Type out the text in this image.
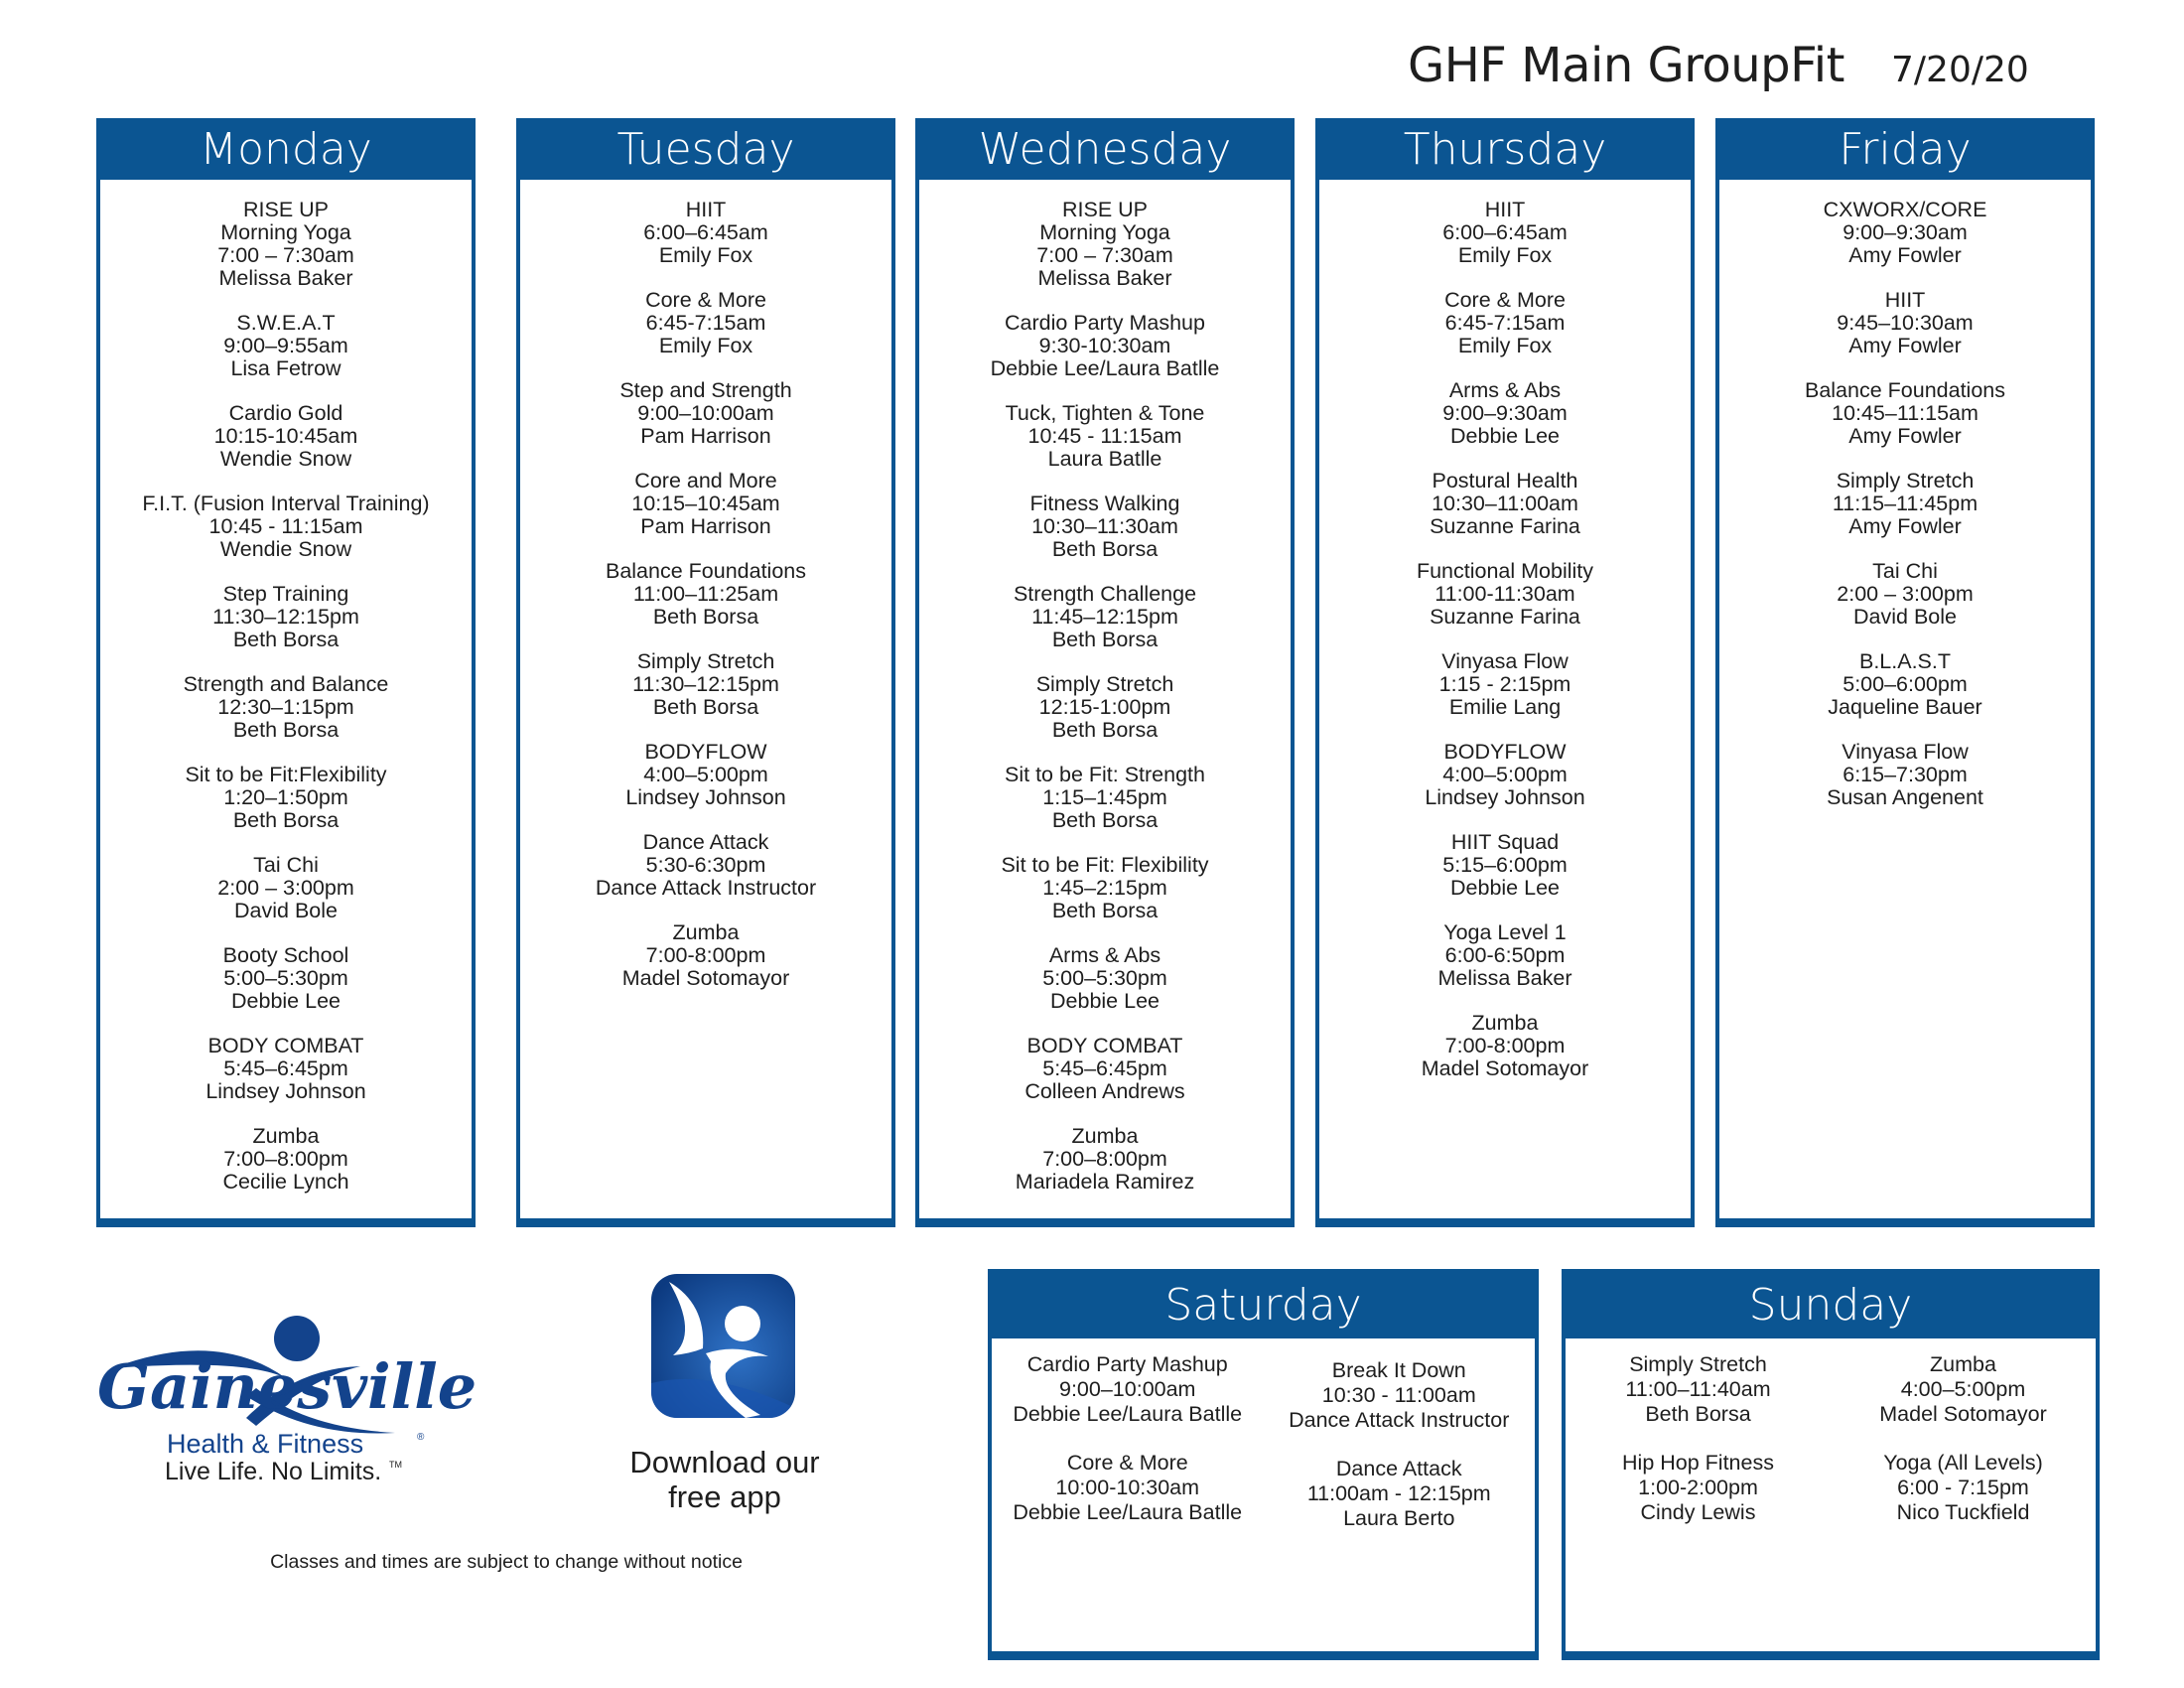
GHF Main GroupFit 7/20/20
Monday
RISE UP
Morning Yoga
7:00 – 7:30am
Melissa Baker
S.W.E.A.T
9:00–9:55am
Lisa Fetrow
Cardio Gold
10:15-10:45am
Wendie Snow
F.I.T. (Fusion Interval Training)
10:45 - 11:15am
Wendie Snow
Step Training
11:30–12:15pm
Beth Borsa
Strength and Balance
12:30–1:15pm
Beth Borsa
Sit to be Fit:Flexibility
1:20–1:50pm
Beth Borsa
Tai Chi
2:00 – 3:00pm
David Bole
Booty School
5:00–5:30pm
Debbie Lee
BODY COMBAT
5:45–6:45pm
Lindsey Johnson
Zumba
7:00–8:00pm
Cecilie Lynch
Tuesday
HIIT
6:00–6:45am
Emily Fox
Core & More
6:45-7:15am
Emily Fox
Step and Strength
9:00–10:00am
Pam Harrison
Core and More
10:15–10:45am
Pam Harrison
Balance Foundations
11:00–11:25am
Beth Borsa
Simply Stretch
11:30–12:15pm
Beth Borsa
BODYFLOW
4:00–5:00pm
Lindsey Johnson
Dance Attack
5:30-6:30pm
Dance Attack Instructor
Zumba
7:00-8:00pm
Madel Sotomayor
Wednesday
RISE UP
Morning Yoga
7:00 – 7:30am
Melissa Baker
Cardio Party Mashup
9:30-10:30am
Debbie Lee/Laura Batlle
Tuck, Tighten & Tone
10:45 - 11:15am
Laura Batlle
Fitness Walking
10:30–11:30am
Beth Borsa
Strength Challenge
11:45–12:15pm
Beth Borsa
Simply Stretch
12:15-1:00pm
Beth Borsa
Sit to be Fit: Strength
1:15–1:45pm
Beth Borsa
Sit to be Fit: Flexibility
1:45–2:15pm
Beth Borsa
Arms & Abs
5:00–5:30pm
Debbie Lee
BODY COMBAT
5:45–6:45pm
Colleen Andrews
Zumba
7:00–8:00pm
Mariadela Ramirez
Thursday
HIIT
6:00–6:45am
Emily Fox
Core & More
6:45-7:15am
Emily Fox
Arms & Abs
9:00–9:30am
Debbie Lee
Postural Health
10:30–11:00am
Suzanne Farina
Functional Mobility
11:00-11:30am
Suzanne Farina
Vinyasa Flow
1:15 - 2:15pm
Emilie Lang
BODYFLOW
4:00–5:00pm
Lindsey Johnson
HIIT Squad
5:15–6:00pm
Debbie Lee
Yoga Level 1
6:00-6:50pm
Melissa Baker
Zumba
7:00-8:00pm
Madel Sotomayor
Friday
CXWORX/CORE
9:00–9:30am
Amy Fowler
HIIT
9:45–10:30am
Amy Fowler
Balance Foundations
10:45–11:15am
Amy Fowler
Simply Stretch
11:15–11:45pm
Amy Fowler
Tai Chi
2:00 – 3:00pm
David Bole
B.L.A.S.T
5:00–6:00pm
Jaqueline Bauer
Vinyasa Flow
6:15–7:30pm
Susan Angenent
Saturday
Cardio Party Mashup
9:00–10:00am
Debbie Lee/Laura Batlle
Core & More
10:00-10:30am
Debbie Lee/Laura Batlle
Break It Down
10:30 - 11:00am
Dance Attack Instructor
Dance Attack
11:00am - 12:15pm
Laura Berto
Sunday
Simply Stretch
11:00–11:40am
Beth Borsa
Hip Hop Fitness
1:00-2:00pm
Cindy Lewis
Zumba
4:00–5:00pm
Madel Sotomayor
Yoga (All Levels)
6:00 - 7:15pm
Nico Tuckfield
Gainesville
Health & Fitness	®
Live Life. No Limits. TM	Download our
free app
Classes and times are subject to change without notice
